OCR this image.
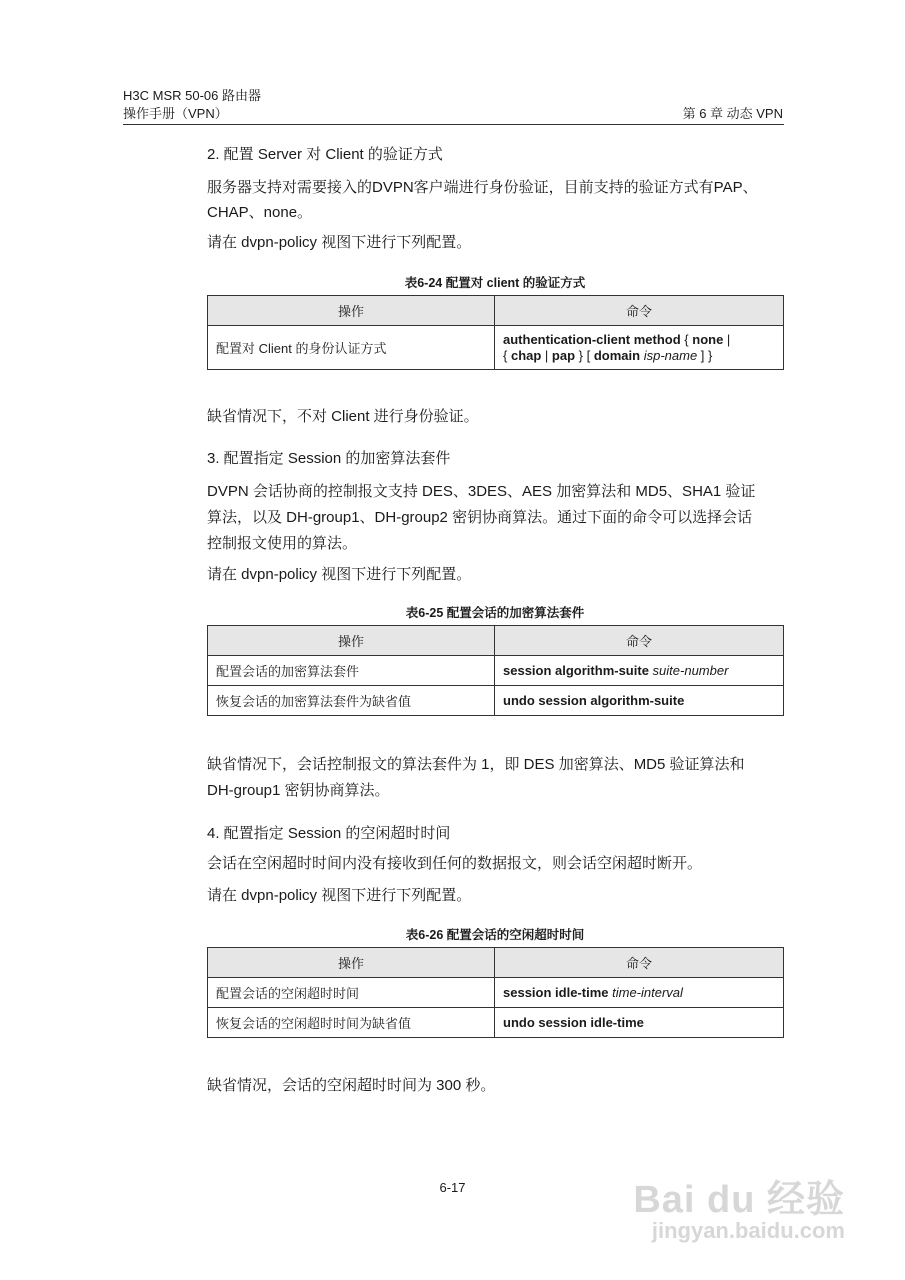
H3C MSR 50-06 路由器
操作手册（VPN）	第 6 章 动态 VPN
2. 配置 Server 对 Client 的验证方式
服务器支持对需要接入的DVPN客户端进行身份验证，目前支持的验证方式有PAP、
CHAP、none。
请在 dvpn-policy 视图下进行下列配置。
表6-24 配置对 client 的验证方式
操作	命令
配置对 Client 的身份认证方式	authentication-client method { none |
{ chap | pap } [ domain isp-name ] }
缺省情况下，不对 Client 进行身份验证。
3. 配置指定 Session 的加密算法套件
DVPN 会话协商的控制报文支持 DES、3DES、AES 加密算法和 MD5、SHA1 验证
算法，以及 DH-group1、DH-group2 密钥协商算法。通过下面的命令可以选择会话
控制报文使用的算法。
请在 dvpn-policy 视图下进行下列配置。
表6-25 配置会话的加密算法套件
操作	命令
配置会话的加密算法套件	session algorithm-suite suite-number
恢复会话的加密算法套件为缺省值	undo session algorithm-suite
缺省情况下，会话控制报文的算法套件为 1，即 DES 加密算法、MD5 验证算法和
DH-group1 密钥协商算法。
4. 配置指定 Session 的空闲超时时间
会话在空闲超时时间内没有接收到任何的数据报文，则会话空闲超时断开。
请在 dvpn-policy 视图下进行下列配置。
表6-26 配置会话的空闲超时时间
操作	命令
配置会话的空闲超时时间	session idle-time time-interval
恢复会话的空闲超时时间为缺省值	undo session idle-time
缺省情况，会话的空闲超时时间为 300 秒。
6-17	Bai du 经验
jingyan.baidu.com
